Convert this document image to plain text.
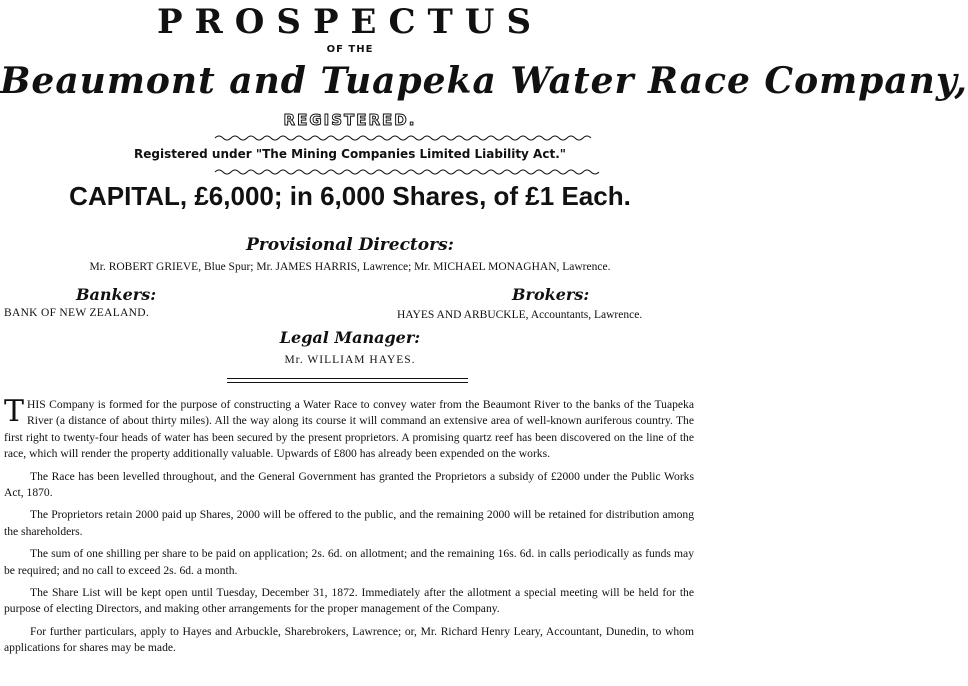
PROSPECTUS
OF THE
Beaumont and Tuapeka Water Race Company,
REGISTERED.
Registered under "The Mining Companies Limited Liability Act."
CAPITAL, £6,000; in 6,000 Shares, of £1 Each.
Provisional Directors:
Mr. ROBERT GRIEVE, Blue Spur; Mr. JAMES HARRIS, Lawrence; Mr. MICHAEL MONAGHAN, Lawrence.
Bankers:	Brokers:
BANK OF NEW ZEALAND.	HAYES AND ARBUCKLE, Accountants, Lawrence.
Legal Manager:
Mr. WILLIAM HAYES.

THIS Company is formed for the purpose of constructing a Water Race to convey water from the Beaumont River to the banks of the Tuapeka River (a distance of about thirty miles). All the way along its course it will command an extensive area of well-known auriferous country. The first right to twenty-four heads of water has been secured by the present proprietors. A promising quartz reef has been discovered on the line of the race, which will render the property additionally valuable. Upwards of £800 has already been expended on the works.

The Race has been levelled throughout, and the General Government has granted the Proprietors a subsidy of £2000 under the Public Works Act, 1870.

The Proprietors retain 2000 paid up Shares, 2000 will be offered to the public, and the remaining 2000 will be retained for distribution among the shareholders.

The sum of one shilling per share to be paid on application; 2s. 6d. on allotment; and the remaining 16s. 6d. in calls periodically as funds may be required; and no call to exceed 2s. 6d. a month.

The Share List will be kept open until Tuesday, December 31, 1872. Immediately after the allotment a special meeting will be held for the purpose of electing Directors, and making other arrangements for the proper management of the Company.

For further particulars, apply to Hayes and Arbuckle, Sharebrokers, Lawrence; or, Mr. Richard Henry Leary, Accountant, Dunedin, to whom applications for shares may be made.
